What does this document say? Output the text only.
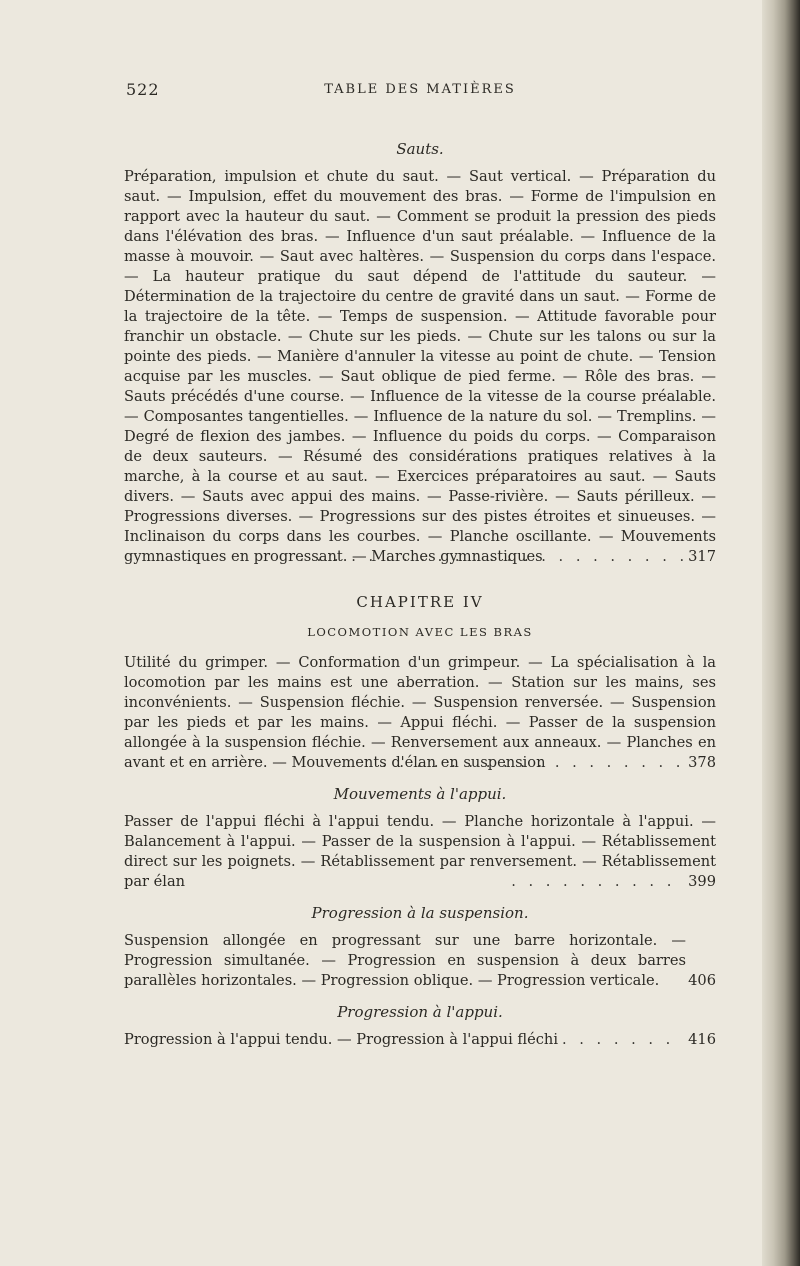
522	TABLE DES MATIÈRES
Sauts.
Préparation, impulsion et chute du saut. — Saut vertical. — Préparation du saut. — Impulsion, effet du mouvement des bras. — Forme de l'impulsion en rapport avec la hauteur du saut. — Comment se produit la pression des pieds dans l'élévation des bras. — Influence d'un saut préalable. — Influence de la masse à mouvoir. — Saut avec haltères. — Suspension du corps dans l'espace. — La hauteur pratique du saut dépend de l'attitude du sauteur. — Détermination de la trajectoire du centre de gravité dans un saut. — Forme de la trajectoire de la tête. — Temps de suspension. — Attitude favorable pour franchir un obstacle. — Chute sur les pieds. — Chute sur les talons ou sur la pointe des pieds. — Manière d'annuler la vitesse au point de chute. — Tension acquise par les muscles. — Saut oblique de pied ferme. — Rôle des bras. — Sauts précédés d'une course. — Influence de la vitesse de la course préalable. — Composantes tangentielles. — Influence de la nature du sol. — Tremplins. — Degré de flexion des jambes. — Influence du poids du corps. — Comparaison de deux sauteurs. — Résumé des considérations pratiques relatives à la marche, à la course et au saut. — Exercices préparatoires au saut. — Sauts divers. — Sauts avec appui des mains. — Passe-rivière. — Sauts périlleux. — Progressions diverses. — Progressions sur des pistes étroites et sinueuses. — Inclinaison du corps dans les courbes. — Planche oscillante. — Mouvements gymnastiques en progressant. — Marches gymnastiques . . .	317
CHAPITRE IV
LOCOMOTION AVEC LES BRAS
Utilité du grimper. — Conformation d'un grimpeur. — La spécialisation à la locomotion par les mains est une aberration. — Station sur les mains, ses inconvénients. — Suspension fléchie. — Suspension renversée. — Suspension par les pieds et par les mains. — Appui fléchi. — Passer de la suspension allongée à la suspension fléchie. — Renversement aux anneaux. — Planches en avant et en arrière. — Mouvements d'élan en suspension . . .	378
Mouvements à l'appui.
Passer de l'appui fléchi à l'appui tendu. — Planche horizontale à l'appui. — Balancement à l'appui. — Passer de la suspension à l'appui. — Rétablissement direct sur les poignets. — Rétablissement par renversement. — Rétablissement par élan . . .	399
Progression à la suspension.
Suspension allongée en progressant sur une barre horizontale. — Progression simultanée. — Progression en suspension à deux barres parallèles horizontales. — Progression oblique. — Progression verticale.	406
Progression à l'appui.
Progression à l'appui tendu. — Progression à l'appui fléchi . . .	416
